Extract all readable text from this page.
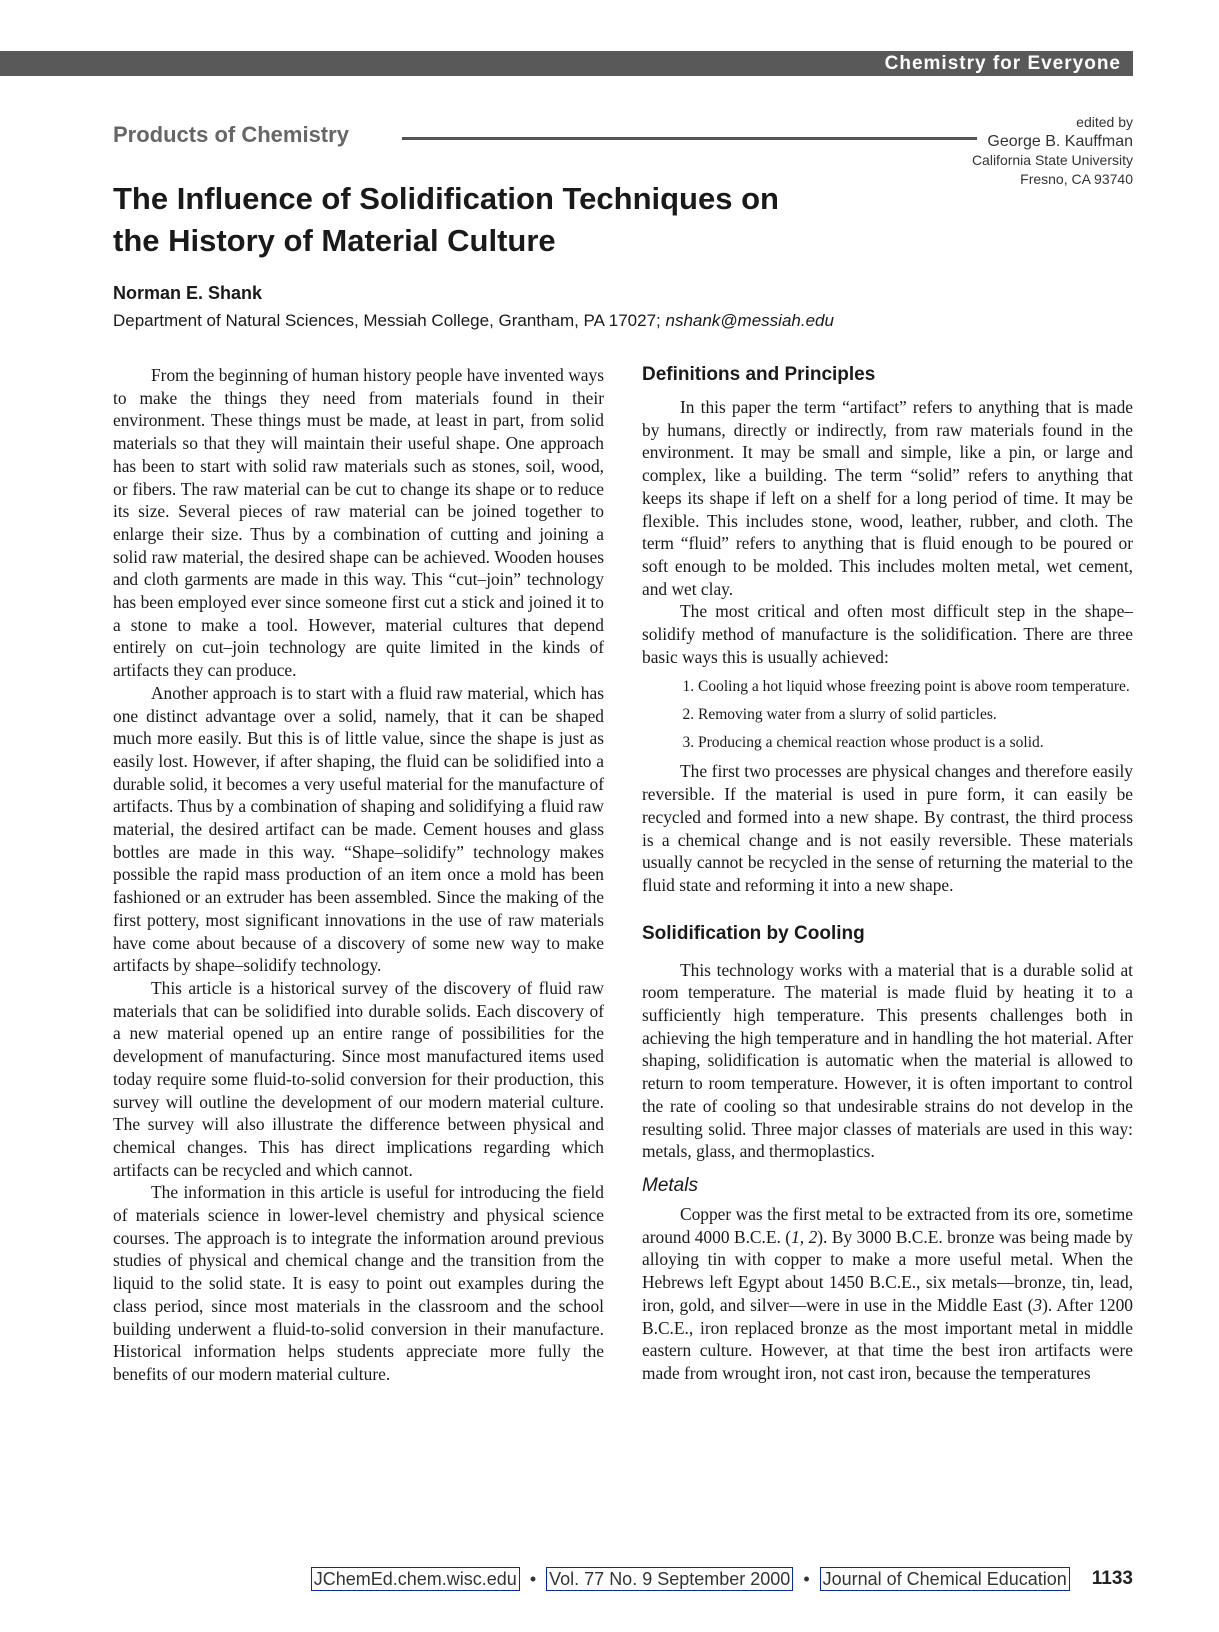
Chemistry for Everyone
Products of Chemistry	edited by
George B. Kauffman
California State University
Fresno, CA 93740
The Influence of Solidification Techniques on the History of Material Culture
Norman E. Shank
Department of Natural Sciences, Messiah College, Grantham, PA 17027; nshank@messiah.edu

From the beginning of human history people have invented ways to make the things they need from materials found in their environment. These things must be made, at least in part, from solid materials so that they will maintain their useful shape. One approach has been to start with solid raw materials such as stones, soil, wood, or fibers. The raw material can be cut to change its shape or to reduce its size. Several pieces of raw material can be joined together to enlarge their size. Thus by a combination of cutting and joining a solid raw material, the desired shape can be achieved. Wooden houses and cloth garments are made in this way. This “cut–join” technology has been employed ever since someone first cut a stick and joined it to a stone to make a tool. However, material cultures that depend entirely on cut–join technology are quite limited in the kinds of artifacts they can produce.

Another approach is to start with a fluid raw material, which has one distinct advantage over a solid, namely, that it can be shaped much more easily. But this is of little value, since the shape is just as easily lost. However, if after shaping, the fluid can be solidified into a durable solid, it becomes a very useful material for the manufacture of artifacts. Thus by a combination of shaping and solidifying a fluid raw material, the desired artifact can be made. Cement houses and glass bottles are made in this way. “Shape–solidify” technology makes possible the rapid mass production of an item once a mold has been fashioned or an extruder has been assembled. Since the making of the first pottery, most significant innovations in the use of raw materials have come about because of a discovery of some new way to make artifacts by shape–solidify technology.

This article is a historical survey of the discovery of fluid raw materials that can be solidified into durable solids. Each discovery of a new material opened up an entire range of possibilities for the development of manufacturing. Since most manufactured items used today require some fluid-to-solid conversion for their production, this survey will outline the development of our modern material culture. The survey will also illustrate the difference between physical and chemical changes. This has direct implications regarding which artifacts can be recycled and which cannot.

The information in this article is useful for introducing the field of materials science in lower-level chemistry and physical science courses. The approach is to integrate the information around previous studies of physical and chemical change and the transition from the liquid to the solid state. It is easy to point out examples during the class period, since most materials in the classroom and the school building underwent a fluid-to-solid conversion in their manufacture. Historical information helps students appreciate more fully the benefits of our modern material culture.

Definitions and Principles

In this paper the term “artifact” refers to anything that is made by humans, directly or indirectly, from raw materials found in the environment. It may be small and simple, like a pin, or large and complex, like a building. The term “solid” refers to anything that keeps its shape if left on a shelf for a long period of time. It may be flexible. This includes stone, wood, leather, rubber, and cloth. The term “fluid” refers to anything that is fluid enough to be poured or soft enough to be molded. This includes molten metal, wet cement, and wet clay.

The most critical and often most difficult step in the shape–solidify method of manufacture is the solidification. There are three basic ways this is usually achieved:

1. Cooling a hot liquid whose freezing point is above room temperature.
2. Removing water from a slurry of solid particles.
3. Producing a chemical reaction whose product is a solid.

The first two processes are physical changes and therefore easily reversible. If the material is used in pure form, it can easily be recycled and formed into a new shape. By contrast, the third process is a chemical change and is not easily reversible. These materials usually cannot be recycled in the sense of returning the material to the fluid state and reforming it into a new shape.

Solidification by Cooling

This technology works with a material that is a durable solid at room temperature. The material is made fluid by heating it to a sufficiently high temperature. This presents challenges both in achieving the high temperature and in handling the hot material. After shaping, solidification is automatic when the material is allowed to return to room temperature. However, it is often important to control the rate of cooling so that undesirable strains do not develop in the resulting solid. Three major classes of materials are used in this way: metals, glass, and thermoplastics.

Metals

Copper was the first metal to be extracted from its ore, sometime around 4000 B.C.E. (1, 2). By 3000 B.C.E. bronze was being made by alloying tin with copper to make a more useful metal. When the Hebrews left Egypt about 1450 B.C.E., six metals—bronze, tin, lead, iron, gold, and silver—were in use in the Middle East (3). After 1200 B.C.E., iron replaced bronze as the most important metal in middle eastern culture. However, at that time the best iron artifacts were made from wrought iron, not cast iron, because the temperatures

JChemEd.chem.wisc.edu • Vol. 77 No. 9 September 2000 • Journal of Chemical Education 1133
